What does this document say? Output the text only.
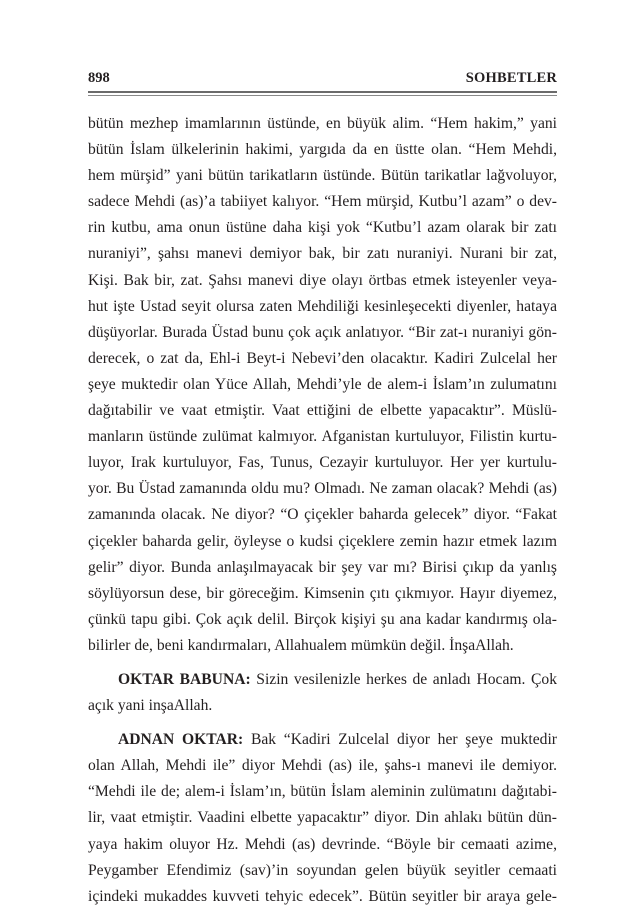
898	SOHBETLER
bütün mezhep imamlarının üstünde, en büyük alim. “Hem hakim,” yani
bütün İslam ülkelerinin hakimi, yargıda da en üstte olan. “Hem Mehdi,
hem mürşid” yani bütün tarikatların üstünde. Bütün tarikatlar lağvoluyor,
sadece Mehdi (as)’a tabiiyet kalıyor. “Hem mürşid, Kutbu’l azam” o dev-
rin kutbu, ama onun üstüne daha kişi yok “Kutbu’l azam olarak bir zatı
nuraniyi”, şahsı manevi demiyor bak, bir zatı nuraniyi. Nurani bir zat,
Kişi. Bak bir, zat. Şahsı manevi diye olayı örtbas etmek isteyenler veya-
hut işte Ustad seyit olursa zaten Mehdiliği kesinleşecekti diyenler, hataya
düşüyorlar. Burada Üstad bunu çok açık anlatıyor. “Bir zat-ı nuraniyi gön-
derecek, o zat da, Ehl-i Beyt-i Nebevi’den olacaktır. Kadiri Zulcelal her
şeye muktedir olan Yüce Allah, Mehdi’yle de alem-i İslam’ın zulumatını
dağıtabilir ve vaat etmiştir. Vaat ettiğini de elbette yapacaktır”. Müslü-
manların üstünde zulümat kalmıyor. Afganistan kurtuluyor, Filistin kurtu-
luyor, Irak kurtuluyor, Fas, Tunus, Cezayir kurtuluyor. Her yer kurtulu-
yor. Bu Üstad zamanında oldu mu? Olmadı. Ne zaman olacak? Mehdi (as)
zamanında olacak. Ne diyor? “O çiçekler baharda gelecek” diyor. “Fakat
çiçekler baharda gelir, öyleyse o kudsi çiçeklere zemin hazır etmek lazım
gelir” diyor. Bunda anlaşılmayacak bir şey var mı? Birisi çıkıp da yanlış
söylüyorsun dese, bir göreceğim. Kimsenin çıtı çıkmıyor. Hayır diyemez,
çünkü tapu gibi. Çok açık delil. Birçok kişiyi şu ana kadar kandırmış ola-
bilirler de, beni kandırmaları, Allahualem mümkün değil. İnşaAllah.
OKTAR BABUNA: Sizin vesilenizle herkes de anladı Hocam. Çok
açık yani inşaAllah.
ADNAN OKTAR: Bak “Kadiri Zulcelal diyor her şeye muktedir
olan Allah, Mehdi ile” diyor Mehdi (as) ile, şahs-ı manevi ile demiyor.
“Mehdi ile de; alem-i İslam’ın, bütün İslam aleminin zulümatını dağıtabi-
lir, vaat etmiştir. Vaadini elbette yapacaktır” diyor. Din ahlakı bütün dün-
yaya hakim oluyor Hz. Mehdi (as) devrinde. “Böyle bir cemaati azime,
Peygamber Efendimiz (sav)’in soyundan gelen büyük seyitler cemaati
içindeki mukaddes kuvveti tehyic edecek”. Bütün seyitler bir araya gele-
